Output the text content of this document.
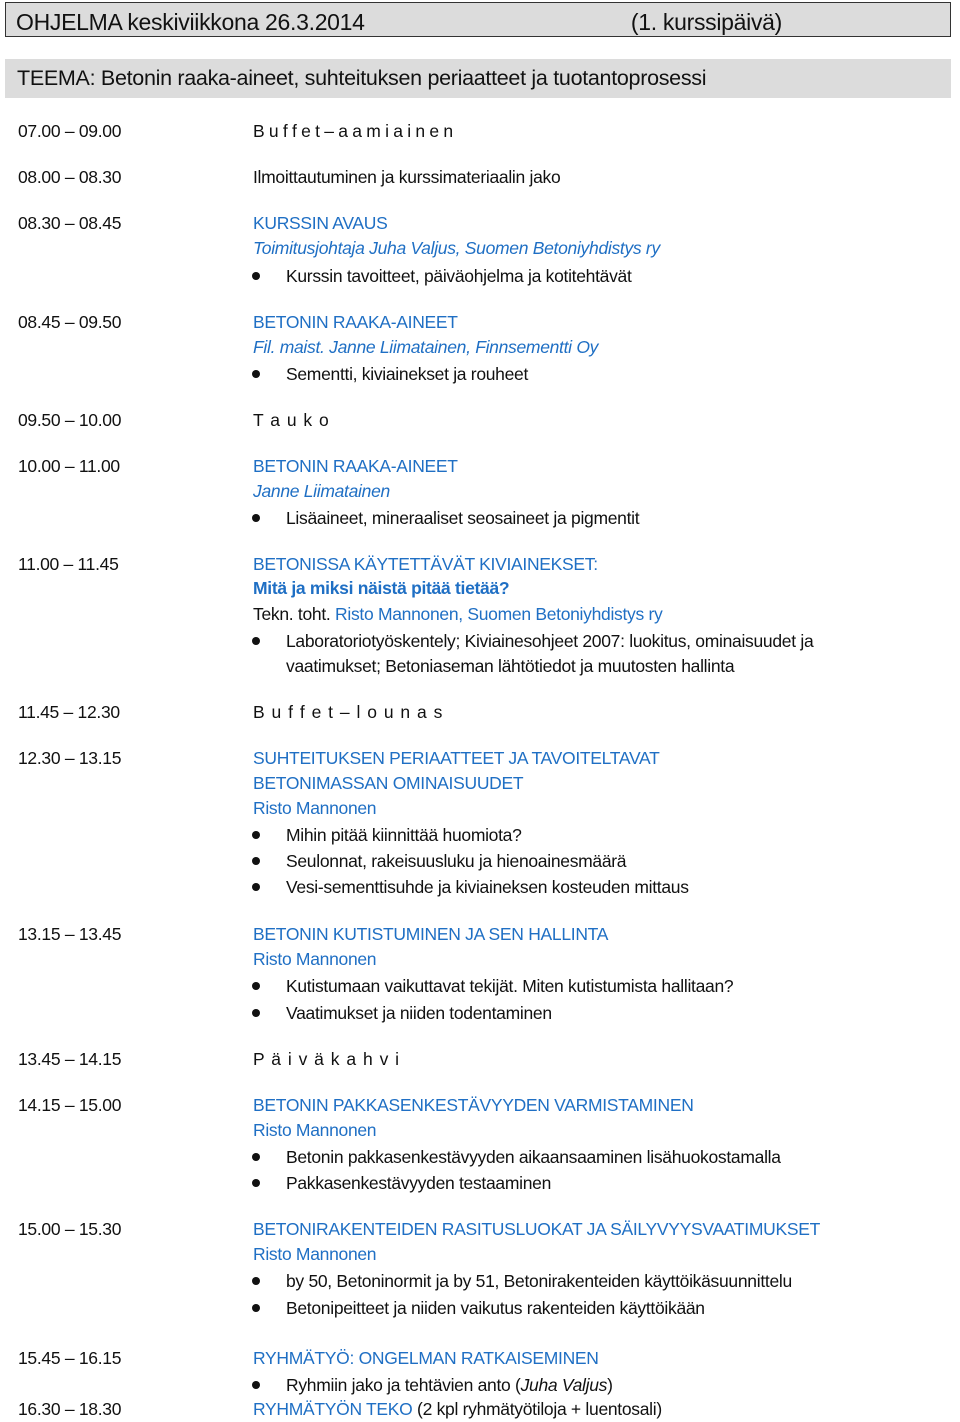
OHJELMA keskiviikkona 26.3.2014	(1. kurssipäivä)
TEEMA: Betonin raaka-aineet, suhteituksen periaatteet ja tuotantoprosessi
07.00 – 09.00	B u f f e t – a a m i a i n e n
08.00 – 08.30	Ilmoittautuminen ja kurssimateriaalin jako
08.30 – 08.45	KURSSIN AVAUS
Toimitusjohtaja Juha Valjus, Suomen Betoniyhdistys ry
Kurssin tavoitteet, päiväohjelma ja kotitehtävät
08.45 – 09.50	BETONIN RAAKA-AINEET
Fil. maist. Janne Liimatainen, Finnsementti Oy
Sementti, kiviainekset ja rouheet
09.50 – 10.00	T a u k o
10.00 – 11.00	BETONIN RAAKA-AINEET
Janne Liimatainen
Lisäaineet, mineraaliset seosaineet ja pigmentit
11.00 – 11.45	BETONISSA KÄYTETTÄVÄT KIVIAINEKSET:
Mitä ja miksi näistä pitää tietää?
Tekn. toht. Risto Mannonen, Suomen Betoniyhdistys ry
Laboratoriotyöskentely; Kiviainesohjeet 2007: luokitus, ominaisuudet ja
vaatimukset; Betoniaseman lähtötiedot ja muutosten hallinta
11.45 – 12.30	B u f f e t – l o u n a s
12.30 – 13.15	SUHTEITUKSEN PERIAATTEET JA TAVOITELTAVAT
BETONIMASSAN OMINAISUUDET
Risto Mannonen
Mihin pitää kiinnittää huomiota?
Seulonnat, rakeisuusluku ja hienoainesmäärä
Vesi-sementtisuhde ja kiviaineksen kosteuden mittaus
13.15 – 13.45	BETONIN KUTISTUMINEN JA SEN HALLINTA
Risto Mannonen
Kutistumaan vaikuttavat tekijät. Miten kutistumista hallitaan?
Vaatimukset ja niiden todentaminen
13.45 – 14.15	P ä i v ä k a h v i
14.15 – 15.00	BETONIN PAKKASENKESTÄVYYDEN VARMISTAMINEN
Risto Mannonen
Betonin pakkasenkestävyyden aikaansaaminen lisähuokostamalla
Pakkasenkestävyyden testaaminen
15.00 – 15.30	BETONIRAKENTEIDEN RASITUSLUOKAT JA SÄILYVYYSVAATIMUKSET
Risto Mannonen
by 50, Betoninormit ja by 51, Betonirakenteiden käyttöikäsuunnittelu
Betonipeitteet ja niiden vaikutus rakenteiden käyttöikään
15.45 – 16.15	RYHMÄTYÖ: ONGELMAN RATKAISEMINEN
Ryhmiin jako ja tehtävien anto (Juha Valjus)
16.30 – 18.30	RYHMÄTYÖN TEKO (2 kpl ryhmätyötiloja + luentosali)
